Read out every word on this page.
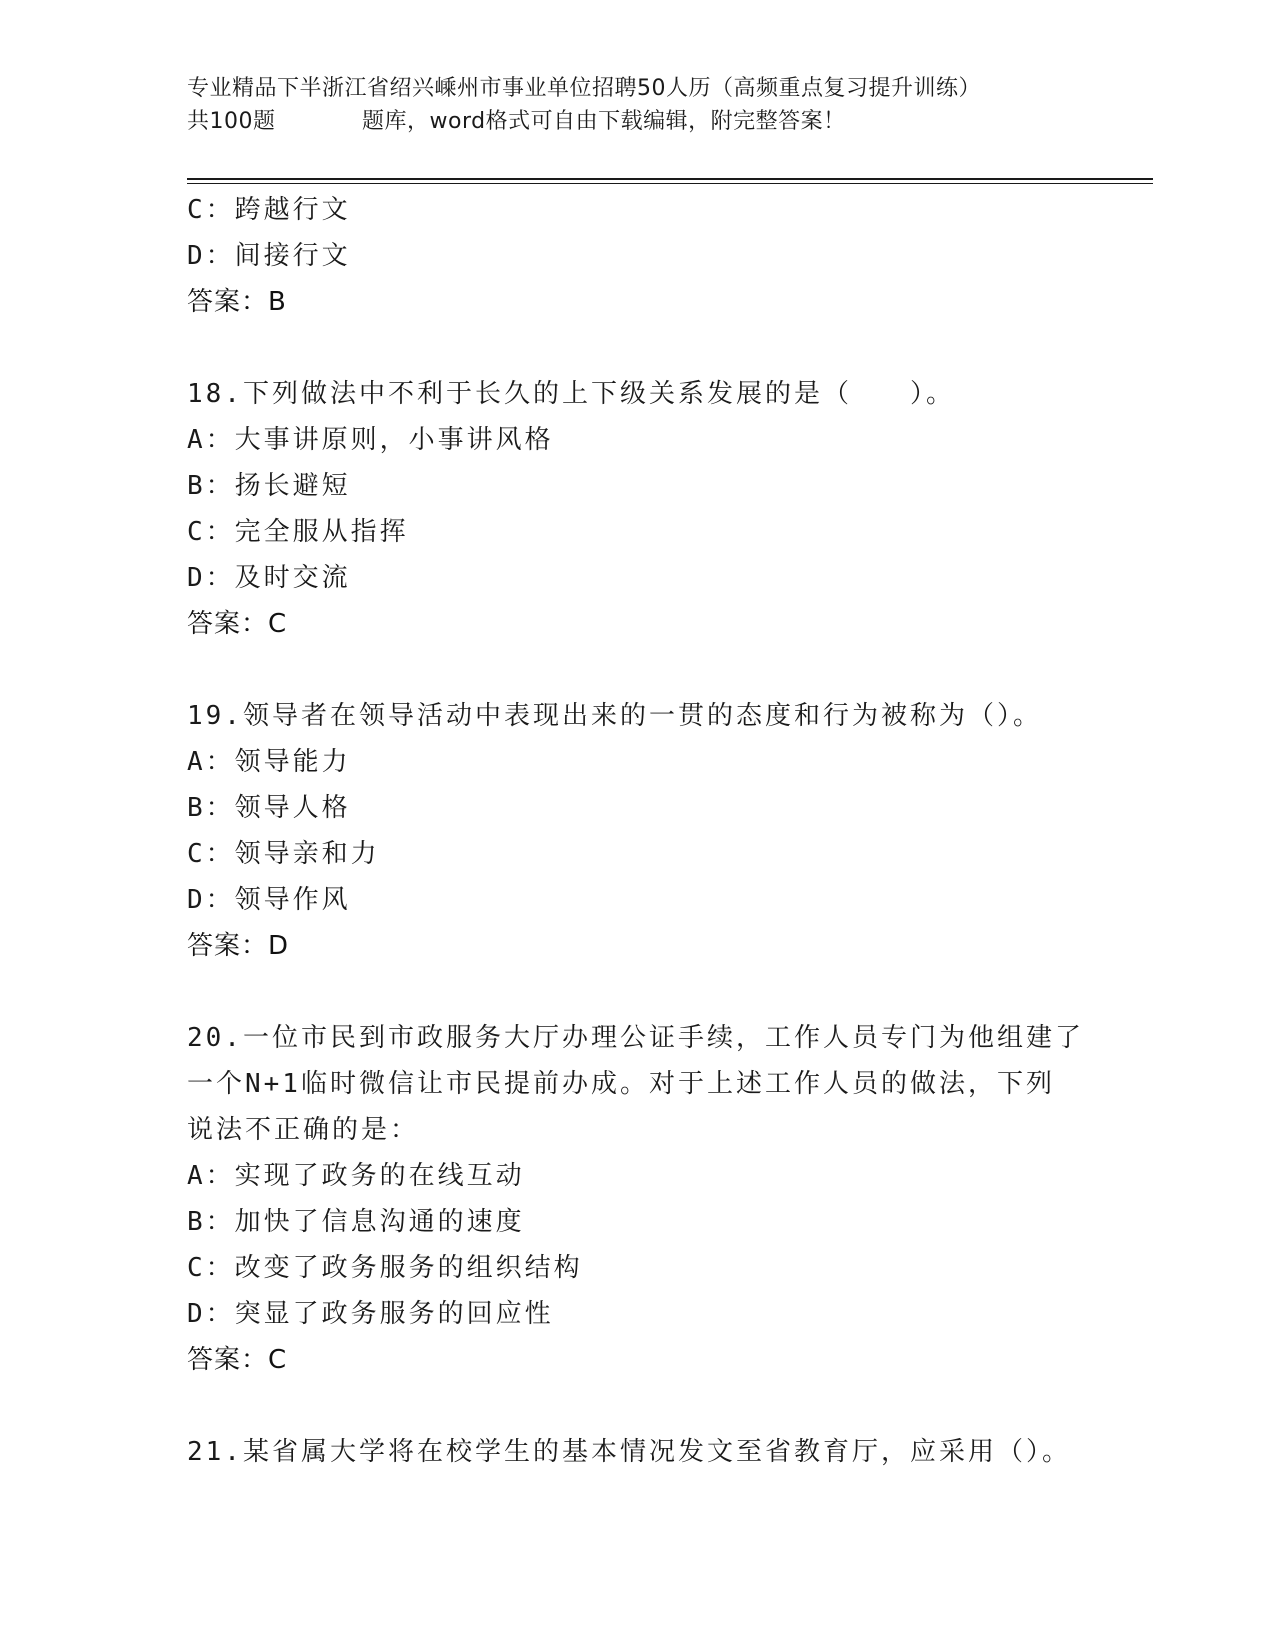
专业精品下半浙江省绍兴嵊州市事业单位招聘50人历（高频重点复习提升训练）
共100题	题库，word格式可自由下载编辑，附完整答案！
C：跨越行文
D：间接行文
答案：B
18.下列做法中不利于长久的上下级关系发展的是（　　）。
A：大事讲原则，小事讲风格
B：扬长避短
C：完全服从指挥
D：及时交流
答案：C
19.领导者在领导活动中表现出来的一贯的态度和行为被称为（）。
A：领导能力
B：领导人格
C：领导亲和力
D：领导作风
答案：D
20.一位市民到市政服务大厅办理公证手续，工作人员专门为他组建了
一个N+1临时微信让市民提前办成。对于上述工作人员的做法，下列
说法不正确的是：
A：实现了政务的在线互动
B：加快了信息沟通的速度
C：改变了政务服务的组织结构
D：突显了政务服务的回应性
答案：C
21.某省属大学将在校学生的基本情况发文至省教育厅，应采用（）。
